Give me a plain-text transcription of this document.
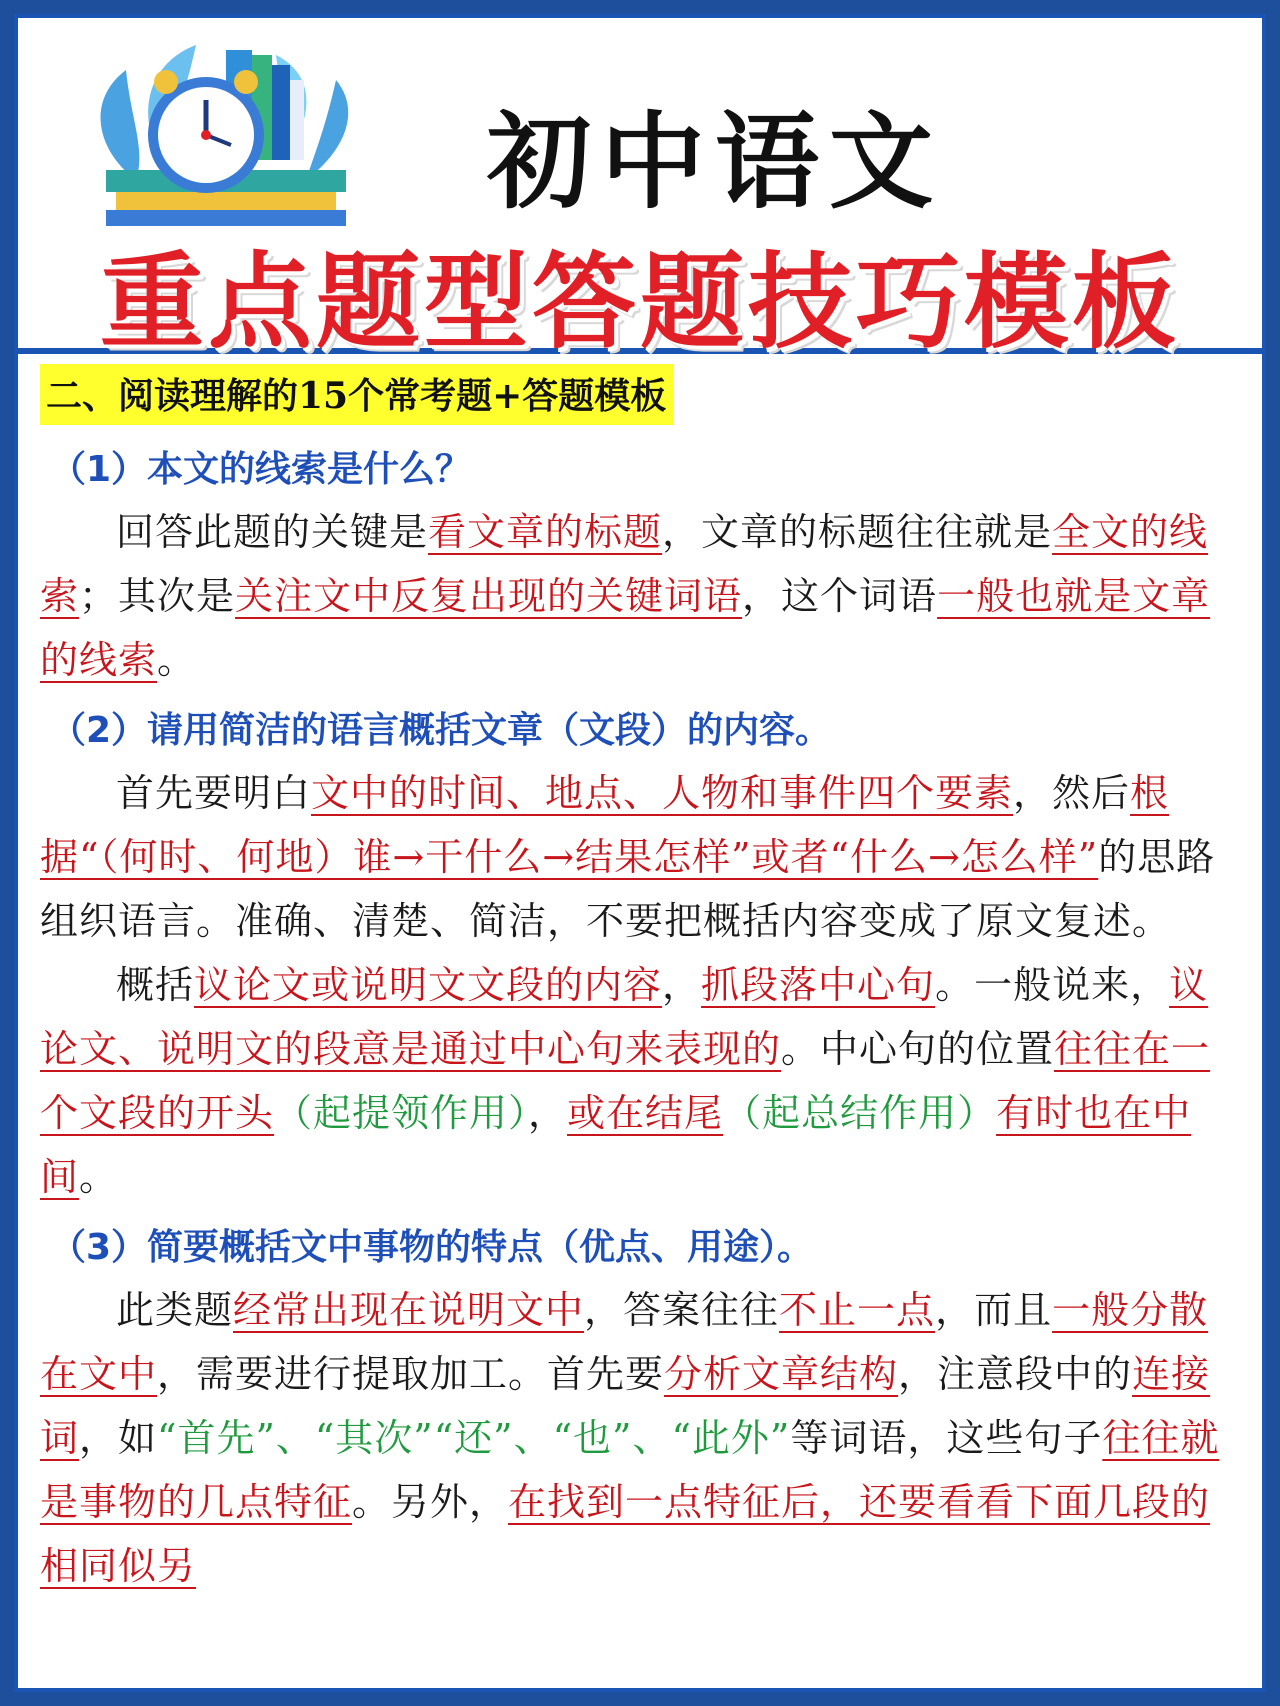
初中语文
重点题型答题技巧模板
二、阅读理解的15个常考题+答题模板
（1）本文的线索是什么？

回答此题的关键是看文章的标题，文章的标题往往就是全文的线索；其次是关注文中反复出现的关键词语，这个词语一般也就是文章的线索。

（2）请用简洁的语言概括文章（文段）的内容。

首先要明白文中的时间、地点、人物和事件四个要素，然后根据“（何时、何地）谁→干什么→结果怎样”或者“什么→怎么样”的思路组织语言。准确、清楚、简洁，不要把概括内容变成了原文复述。

概括议论文或说明文文段的内容，抓段落中心句。一般说来，议论文、说明文的段意是通过中心句来表现的。中心句的位置往往在一个文段的开头（起提领作用），或在结尾（起总结作用）有时也在中间。

（3）简要概括文中事物的特点（优点、用途）。

此类题经常出现在说明文中，答案往往不止一点，而且一般分散在文中，需要进行提取加工。首先要分析文章结构，注意段中的连接词，如“首先”、“其次”“还”、“也”、“此外”等词语，这些句子往往就是事物的几点特征。另外，在找到一点特征后，还要看看下面几段的相同似另
